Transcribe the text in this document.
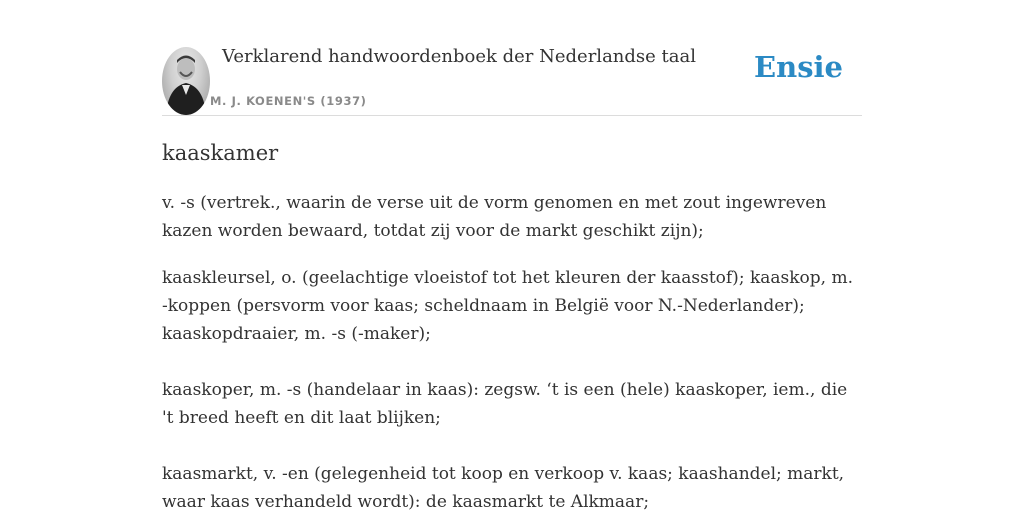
Verklarend handwoordenboek der Nederlandse taal
M. J. KOENEN'S (1937)
Ensie
kaaskamer

v. -s (vertrek., waarin de verse uit de vorm genomen en met zout ingewreven kazen worden bewaard, totdat zij voor de markt geschikt zijn);

kaaskleursel, o. (geelachtige vloeistof tot het kleuren der kaasstof); kaaskop, m. -koppen (persvorm voor kaas; scheldnaam in België voor N.-Nederlander); kaaskopdraaier, m. -s (-maker);

kaaskoper, m. -s (handelaar in kaas): zegsw. ‘t is een (hele) kaaskoper, iem., die 't breed heeft en dit laat blijken;

kaasmarkt, v. -en (gelegenheid tot koop en verkoop v. kaas; kaashandel; markt, waar kaas verhandeld wordt): de kaasmarkt te Alkmaar;
